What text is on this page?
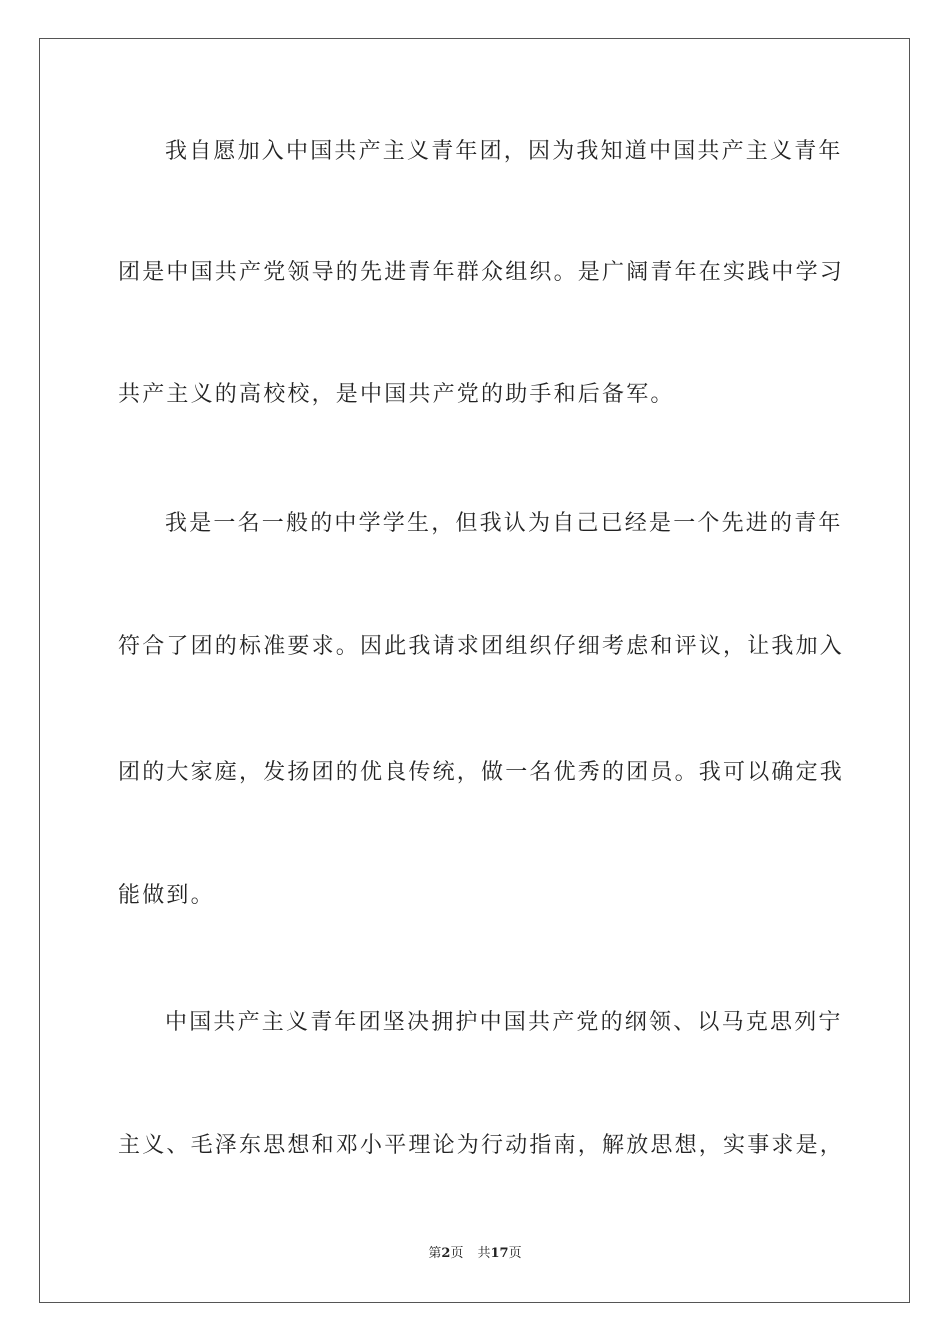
我自愿加入中国共产主义青年团，因为我知道中国共产主义青年
团是中国共产党领导的先进青年群众组织。是广阔青年在实践中学习
共产主义的高校校，是中国共产党的助手和后备军。
我是一名一般的中学学生，但我认为自己已经是一个先进的青年
符合了团的标准要求。因此我请求团组织仔细考虑和评议，让我加入
团的大家庭，发扬团的优良传统，做一名优秀的团员。我可以确定我
能做到。
中国共产主义青年团坚决拥护中国共产党的纲领、以马克思列宁
主义、毛泽东思想和邓小平理论为行动指南，解放思想，实事求是，
第2页 共17页
